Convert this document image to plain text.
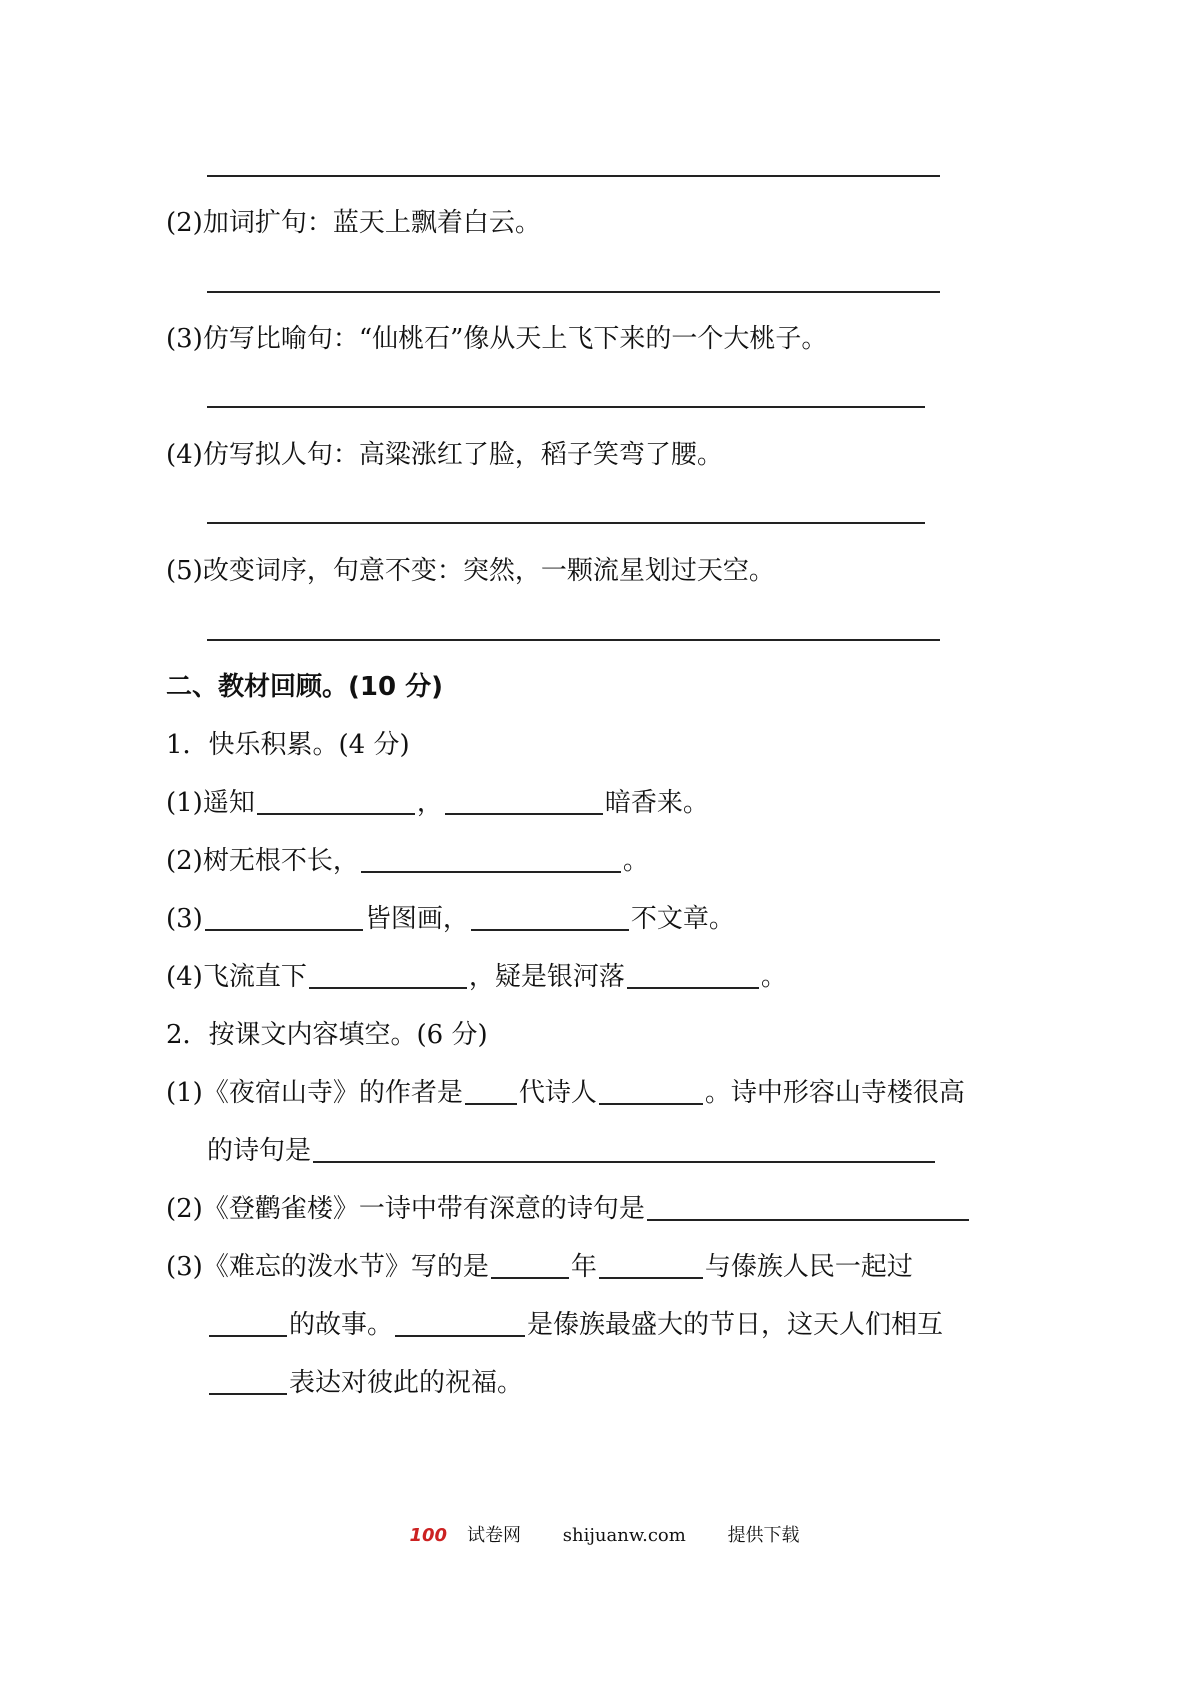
(2)加词扩句：蓝天上飘着白云。
(3)仿写比喻句：“仙桃石”像从天上飞下来的一个大桃子。
(4)仿写拟人句：高粱涨红了脸，稻子笑弯了腰。
(5)改变词序，句意不变：突然，一颗流星划过天空。
二、教材回顾。(10 分)
1．快乐积累。(4 分)
(1)遥知	，	暗香来。
(2)树无根不长，	。
(3)	皆图画，	不文章。
(4)飞流直下	，疑是银河落	。
2．按课文内容填空。(6 分)
(1)《夜宿山寺》的作者是 代诗人	。诗中形容山寺楼很高
的诗句是
(2)《登鹳雀楼》一诗中带有深意的诗句是
(3)《难忘的泼水节》写的是	年	与傣族人民一起过
的故事。	是傣族最盛大的节日，这天人们相互
表达对彼此的祝福。
100 试卷网 shijuanw.com 提供下载
